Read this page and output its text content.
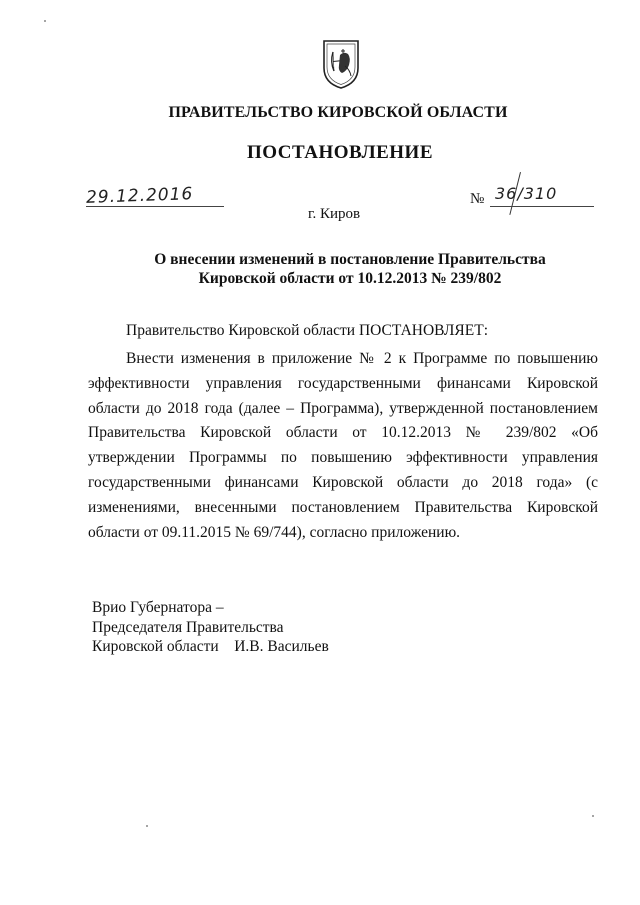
ПРАВИТЕЛЬСТВО КИРОВСКОЙ ОБЛАСТИ
ПОСТАНОВЛЕНИЕ
29.12.2016	№ 36/310
г. Киров
О внесении изменений в постановление Правительства
Кировской области от 10.12.2013 № 239/802
Правительство Кировской области ПОСТАНОВЛЯЕТ:

Внести изменения в приложение № 2 к Программе по повышению эффективности управления государственными финансами Кировской области до 2018 года (далее – Программа), утвержденной постановлением Правительства Кировской области от 10.12.2013 № 239/802 «Об утверждении Программы по повышению эффективности управления государственными финансами Кировской области до 2018 года» (с изменениями, внесенными постановлением Правительства Кировской области от 09.11.2015 № 69/744), согласно приложению.

Врио Губернатора –
Председателя Правительства
Кировской области    И.В. Васильев
